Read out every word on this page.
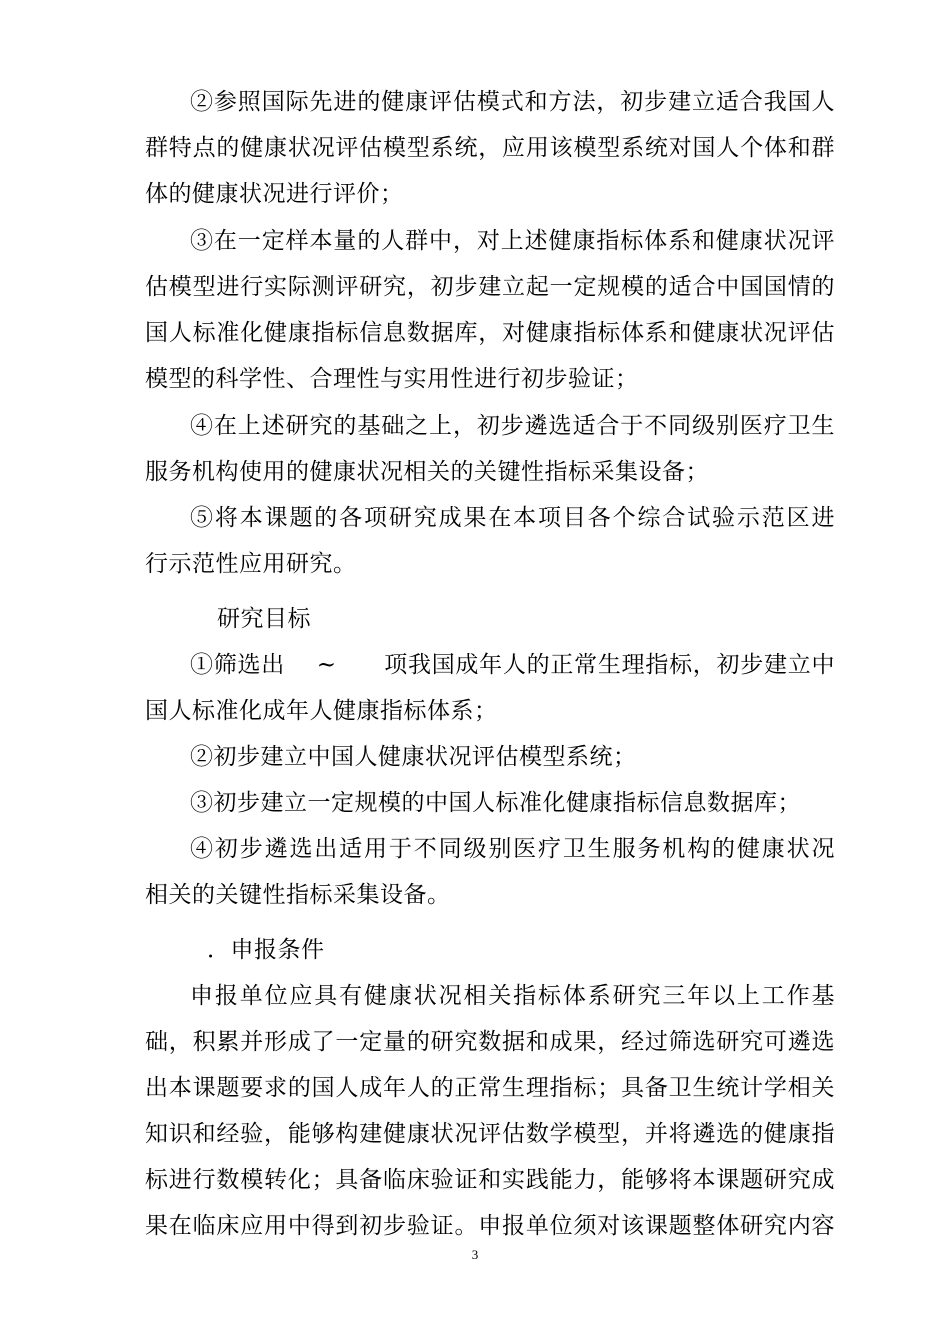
②参照国际先进的健康评估模式和方法，初步建立适合我国人
群特点的健康状况评估模型系统，应用该模型系统对国人个体和群
体的健康状况进行评价；
③在一定样本量的人群中，对上述健康指标体系和健康状况评
估模型进行实际测评研究，初步建立起一定规模的适合中国国情的
国人标准化健康指标信息数据库，对健康指标体系和健康状况评估
模型的科学性、合理性与实用性进行初步验证；
④在上述研究的基础之上，初步遴选适合于不同级别医疗卫生
服务机构使用的健康状况相关的关键性指标采集设备；
⑤将本课题的各项研究成果在本项目各个综合试验示范区进
行示范性应用研究。
研究目标
①筛选出　 ~　　项我国成年人的正常生理指标，初步建立中
国人标准化成年人健康指标体系；
②初步建立中国人健康状况评估模型系统；
③初步建立一定规模的中国人标准化健康指标信息数据库；
④初步遴选出适用于不同级别医疗卫生服务机构的健康状况
相关的关键性指标采集设备。
．申报条件
申报单位应具有健康状况相关指标体系研究三年以上工作基
础，积累并形成了一定量的研究数据和成果，经过筛选研究可遴选
出本课题要求的国人成年人的正常生理指标；具备卫生统计学相关
知识和经验，能够构建健康状况评估数学模型，并将遴选的健康指
标进行数模转化；具备临床验证和实践能力，能够将本课题研究成
果在临床应用中得到初步验证。申报单位须对该课题整体研究内容
3
